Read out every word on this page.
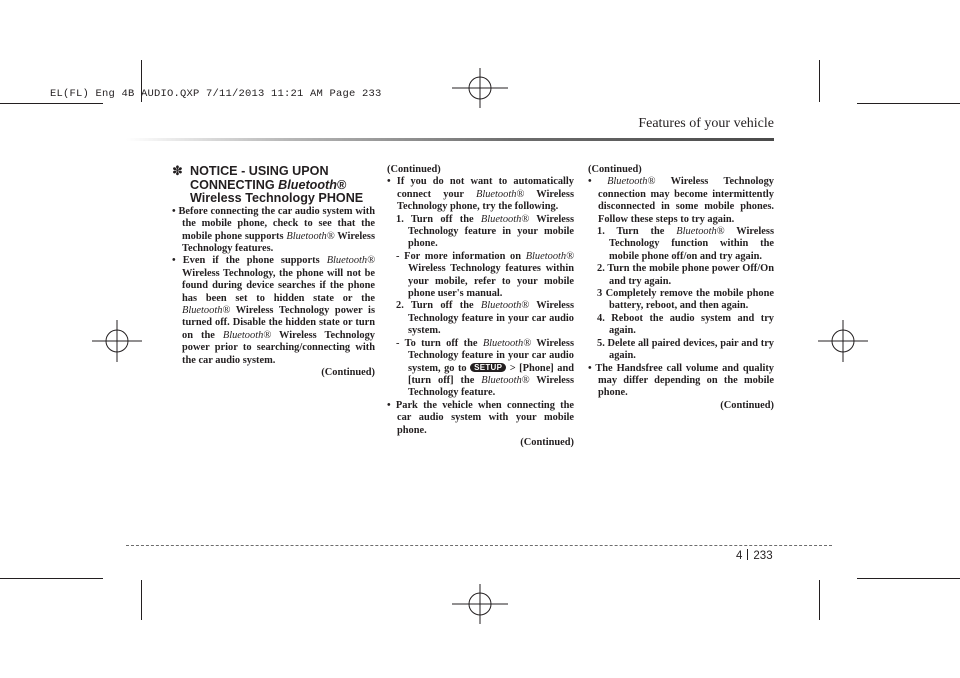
EL(FL) Eng 4B AUDIO.QXP 7/11/2013 11:21 AM Page 233
Features of your vehicle

✽ NOTICE - USING UPON CONNECTING Bluetooth® Wireless Technology PHONE

• Before connecting the car audio system with the mobile phone, check to see that the mobile phone supports Bluetooth® Wireless Technology features.

• Even if the phone supports Bluetooth® Wireless Technology, the phone will not be found during device searches if the phone has been set to hidden state or the Bluetooth® Wireless Technology power is turned off. Disable the hidden state or turn on the Bluetooth® Wireless Technology power prior to searching/connecting with the car audio system.

(Continued)

(Continued)

• If you do not want to automatically connect your Bluetooth® Wireless Technology phone, try the following.

1. Turn off the Bluetooth® Wireless Technology feature in your mobile phone.

- For more information on Bluetooth® Wireless Technology features within your mobile, refer to your mobile phone user's manual.

2. Turn off the Bluetooth® Wireless Technology feature in your car audio system.

- To turn off the Bluetooth® Wireless Technology feature in your car audio system, go to SETUP > [Phone] and [turn off] the Bluetooth® Wireless Technology feature.

• Park the vehicle when connecting the car audio system with your mobile phone.

(Continued)

(Continued)

• Bluetooth® Wireless Technology connection may become intermittently disconnected in some mobile phones. Follow these steps to try again.

1. Turn the Bluetooth® Wireless Technology function within the mobile phone off/on and try again.

2. Turn the mobile phone power Off/On and try again.

3 Completely remove the mobile phone battery, reboot, and then again.

4. Reboot the audio system and try again.

5. Delete all paired devices, pair and try again.

• The Handsfree call volume and quality may differ depending on the mobile phone.

(Continued)

4 233
